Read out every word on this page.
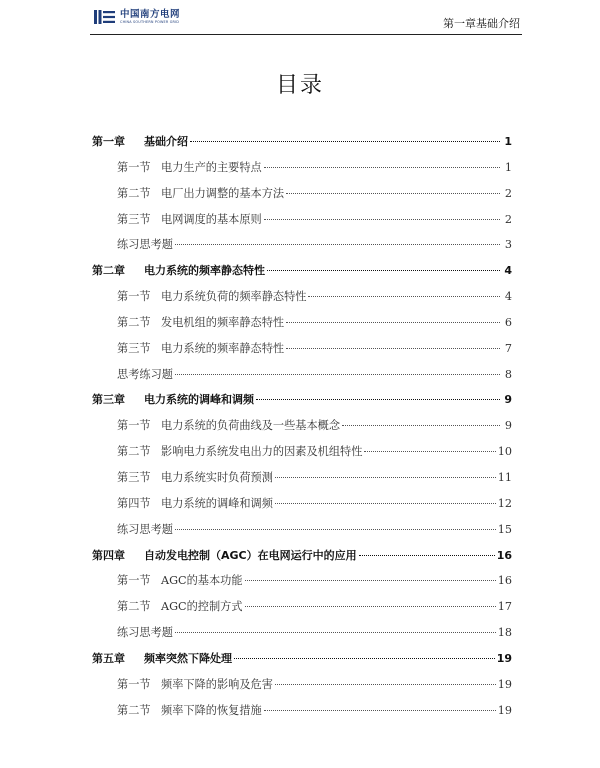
中国南方电网
CHINA SOUTHERN POWER GRID	第一章基础介绍
目录
第一章	基础介绍	1
第一节 电力生产的主要特点	1
第二节 电厂出力调整的基本方法	2
第三节 电网调度的基本原则	2
练习思考题	3
第二章	电力系统的频率静态特性	4
第一节 电力系统负荷的频率静态特性	4
第二节 发电机组的频率静态特性	6
第三节 电力系统的频率静态特性	7
思考练习题	8
第三章	电力系统的调峰和调频	9
第一节 电力系统的负荷曲线及一些基本概念	9
第二节 影响电力系统发电出力的因素及机组特性	10
第三节 电力系统实时负荷预测	11
第四节 电力系统的调峰和调频	12
练习思考题	15
第四章	自动发电控制（AGC）在电网运行中的应用	16
第一节 AGC的基本功能	16
第二节 AGC的控制方式	17
练习思考题	18
第五章	频率突然下降处理	19
第一节 频率下降的影响及危害	19
第二节 频率下降的恢复措施	19
